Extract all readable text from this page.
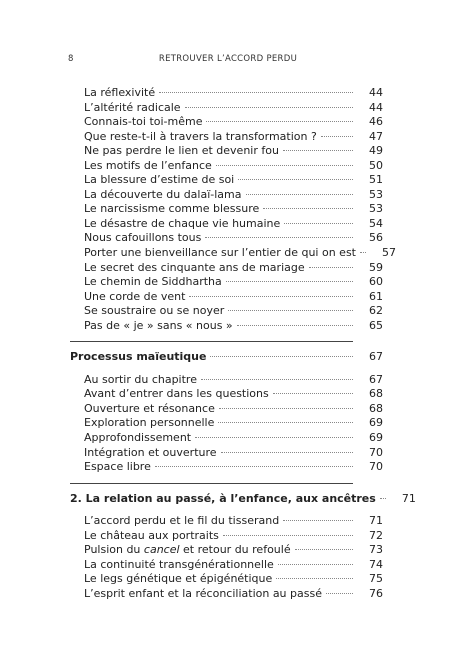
8	RETROUVER L’ACCORD PERDU
La réflexivité	44
L’altérité radicale	44
Connais-toi toi-même	46
Que reste-t-il à travers la transformation ?	47
Ne pas perdre le lien et devenir fou	49
Les motifs de l’enfance	50
La blessure d’estime de soi	51
La découverte du dalaï-lama	53
Le narcissisme comme blessure	53
Le désastre de chaque vie humaine	54
Nous cafouillons tous	56
Porter une bienveillance sur l’entier de qui on est	57
Le secret des cinquante ans de mariage	59
Le chemin de Siddhartha	60
Une corde de vent	61
Se soustraire ou se noyer	62
Pas de « je » sans « nous »	65
Processus maïeutique	67
Au sortir du chapitre	67
Avant d’entrer dans les questions	68
Ouverture et résonance	68
Exploration personnelle	69
Approfondissement	69
Intégration et ouverture	70
Espace libre	70
2. La relation au passé, à l’enfance, aux ancêtres	71
L’accord perdu et le fil du tisserand	71
Le château aux portraits	72
Pulsion du cancel et retour du refoulé	73
La continuité transgénérationnelle	74
Le legs génétique et épigénétique	75
L’esprit enfant et la réconciliation au passé	76
